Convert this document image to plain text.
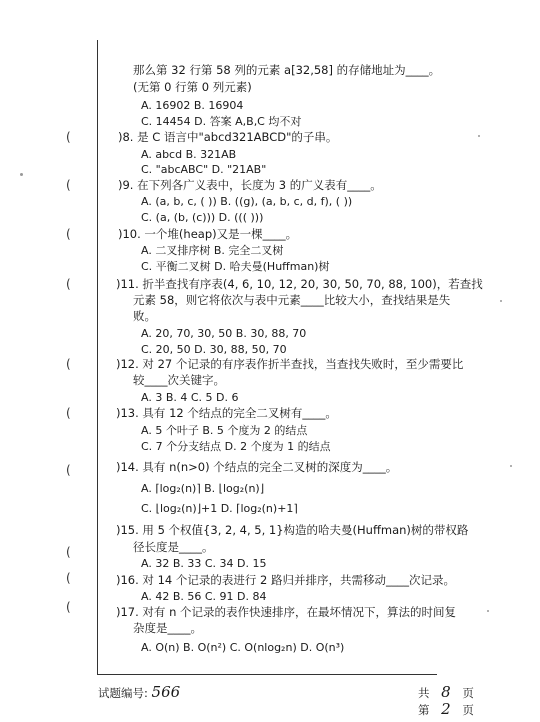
(
(
(
(
(
(
(
(
(
(
那么第 32 行第 58 列的元素 a[32,58] 的存储地址为____。
(无第 0 行第 0 列元素)
A. 16902 B. 16904
C. 14454 D. 答案 A,B,C 均不对
)8. 是 C 语言中"abcd321ABCD"的子串。
A. abcd B. 321AB
C. "abcABC" D. "21AB"
)9. 在下列各广义表中，长度为 3 的广义表有____。
A. (a, b, c, ( )) B. ((g), (a, b, c, d, f), ( ))
C. (a, (b, (c))) D. ((( )))
)10. 一个堆(heap)又是一棵____。
A. 二叉排序树 B. 完全二叉树
C. 平衡二叉树 D. 哈夫曼(Huffman)树
)11. 折半查找有序表(4, 6, 10, 12, 20, 30, 50, 70, 88, 100)，若查找
元素 58，则它将依次与表中元素____比较大小，查找结果是失
败。
A. 20, 70, 30, 50 B. 30, 88, 70
C. 20, 50 D. 30, 88, 50, 70
)12. 对 27 个记录的有序表作折半查找，当查找失败时，至少需要比
较____次关键字。
A. 3 B. 4 C. 5 D. 6
)13. 具有 12 个结点的完全二叉树有____。
A. 5 个叶子 B. 5 个度为 2 的结点
C. 7 个分支结点 D. 2 个度为 1 的结点
)14. 具有 n(n>0) 个结点的完全二叉树的深度为____。
A. ⌈log₂(n)⌉ B. ⌊log₂(n)⌋
C. ⌊log₂(n)⌋+1 D. ⌈log₂(n)+1⌉
)15. 用 5 个权值{3, 2, 4, 5, 1}构造的哈夫曼(Huffman)树的带权路
径长度是____。
A. 32 B. 33 C. 34 D. 15
)16. 对 14 个记录的表进行 2 路归并排序，共需移动____次记录。
A. 42 B. 56 C. 91 D. 84
)17. 对有 n 个记录的表作快速排序，在最坏情况下，算法的时间复
杂度是____。
A. O(n) B. O(n²) C. O(nlog₂n) D. O(n³)
试题编号: 566	共 8 页
第 2 页
